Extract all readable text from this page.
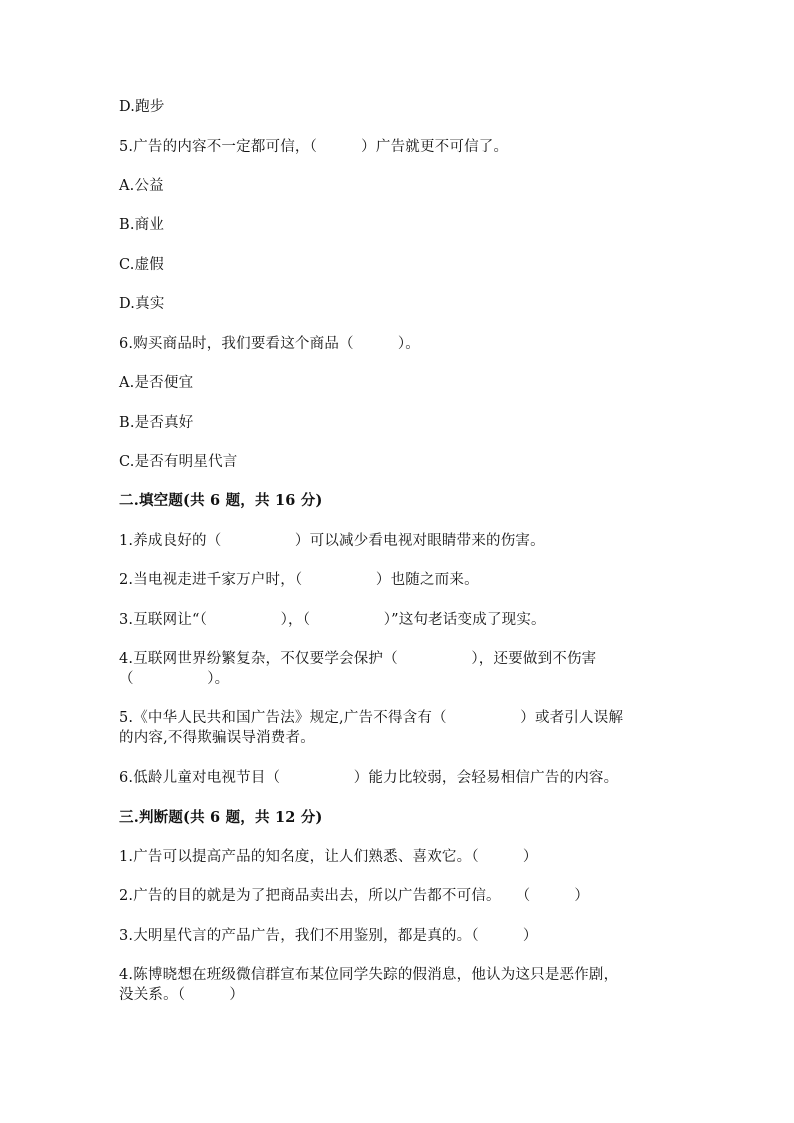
D.跑步
5.广告的内容不一定都可信，（　　　）广告就更不可信了。
A.公益
B.商业
C.虚假
D.真实
6.购买商品时，我们要看这个商品（　　　）。
A.是否便宜
B.是否真好
C.是否有明星代言
二.填空题(共 6 题，共 16 分)
1.养成良好的（　　　　　）可以减少看电视对眼睛带来的伤害。
2.当电视走进千家万户时，（　　　　　）也随之而来。
3.互联网让“（　　　　　），（　　　　　）”这句老话变成了现实。
4.互联网世界纷繁复杂，不仅要学会保护（　　　　　），还要做到不伤害
（　　　　　）。
5.《中华人民共和国广告法》规定,广告不得含有（　　　　　）或者引人误解
的内容,不得欺骗误导消费者。
6.低龄儿童对电视节目（　　　　　）能力比较弱，会轻易相信广告的内容。
三.判断题(共 6 题，共 12 分)
1.广告可以提高产品的知名度，让人们熟悉、喜欢它。（　　　）
2.广告的目的就是为了把商品卖出去，所以广告都不可信。　　（　　　）
3.大明星代言的产品广告，我们不用鉴别，都是真的。（　　　）
4.陈博晓想在班级微信群宣布某位同学失踪的假消息，他认为这只是恶作剧，
没关系。（　　　）
